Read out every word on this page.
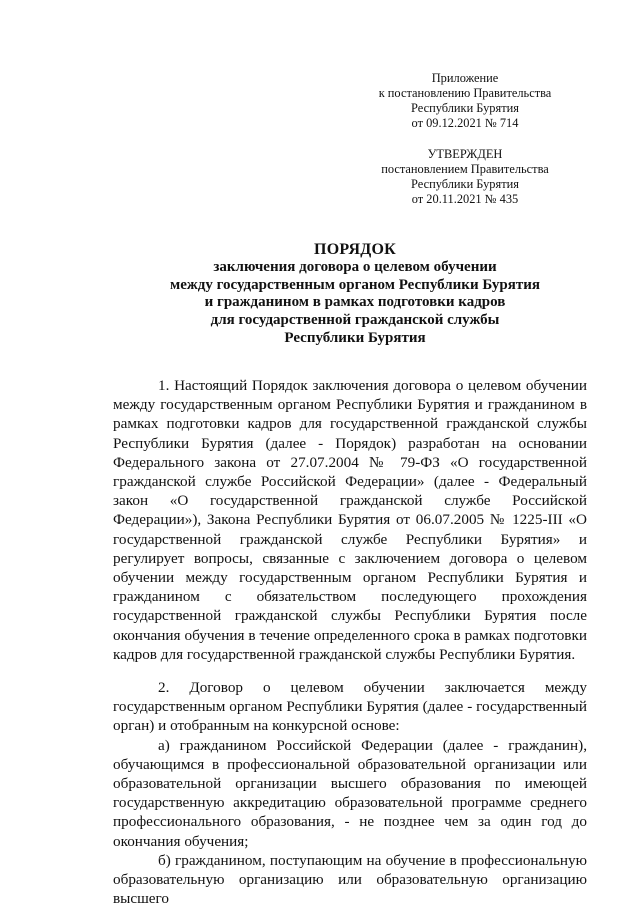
Приложение
к постановлению Правительства
Республики Бурятия
от 09.12.2021 № 714
УТВЕРЖДЕН
постановлением Правительства
Республики Бурятия
от 20.11.2021 № 435
ПОРЯДОК
заключения договора о целевом обучении
между государственным органом Республики Бурятия
и гражданином в рамках подготовки кадров
для государственной гражданской службы
Республики Бурятия

1. Настоящий Порядок заключения договора о целевом обучении между государственным органом Республики Бурятия и гражданином в рамках подготовки кадров для государственной гражданской службы Республики Бурятия (далее - Порядок) разработан на основании Федерального закона от 27.07.2004 № 79-ФЗ «О государственной гражданской службе Российской Федерации» (далее - Федеральный закон «О государственной гражданской службе Российской Федерации»), Закона Республики Бурятия от 06.07.2005 № 1225-III «О государственной гражданской службе Республики Бурятия» и регулирует вопросы, связанные с заключением договора о целевом обучении между государственным органом Республики Бурятия и гражданином с обязательством последующего прохождения государственной гражданской службы Республики Бурятия после окончания обучения в течение определенного срока в рамках подготовки кадров для государственной гражданской службы Республики Бурятия.

2. Договор о целевом обучении заключается между государственным органом Республики Бурятия (далее - государственный орган) и отобранным на конкурсной основе:

а) гражданином Российской Федерации (далее - гражданин), обучающимся в профессиональной образовательной организации или образовательной организации высшего образования по имеющей государственную аккредитацию образовательной программе среднего профессионального образования, - не позднее чем за один год до окончания обучения;

б) гражданином, поступающим на обучение в профессиональную образовательную организацию или образовательную организацию высшего
